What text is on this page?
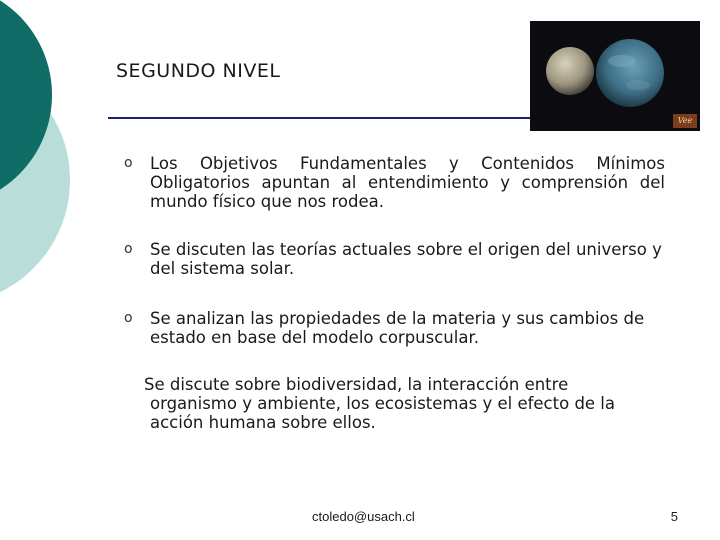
SEGUNDO NIVEL
Vee
o Los Objetivos Fundamentales y Contenidos Mínimos Obligatorios apuntan al entendimiento y comprensión del mundo físico que nos rodea.
o Se discuten las teorías actuales sobre el origen del universo y del sistema solar.
o Se analizan las propiedades de la materia y sus cambios de estado en base del modelo corpuscular.
Se discute sobre biodiversidad, la interacción entre
organismo y ambiente, los ecosistemas y el efecto de la acción humana sobre ellos.
ctoledo@usach.cl	5
